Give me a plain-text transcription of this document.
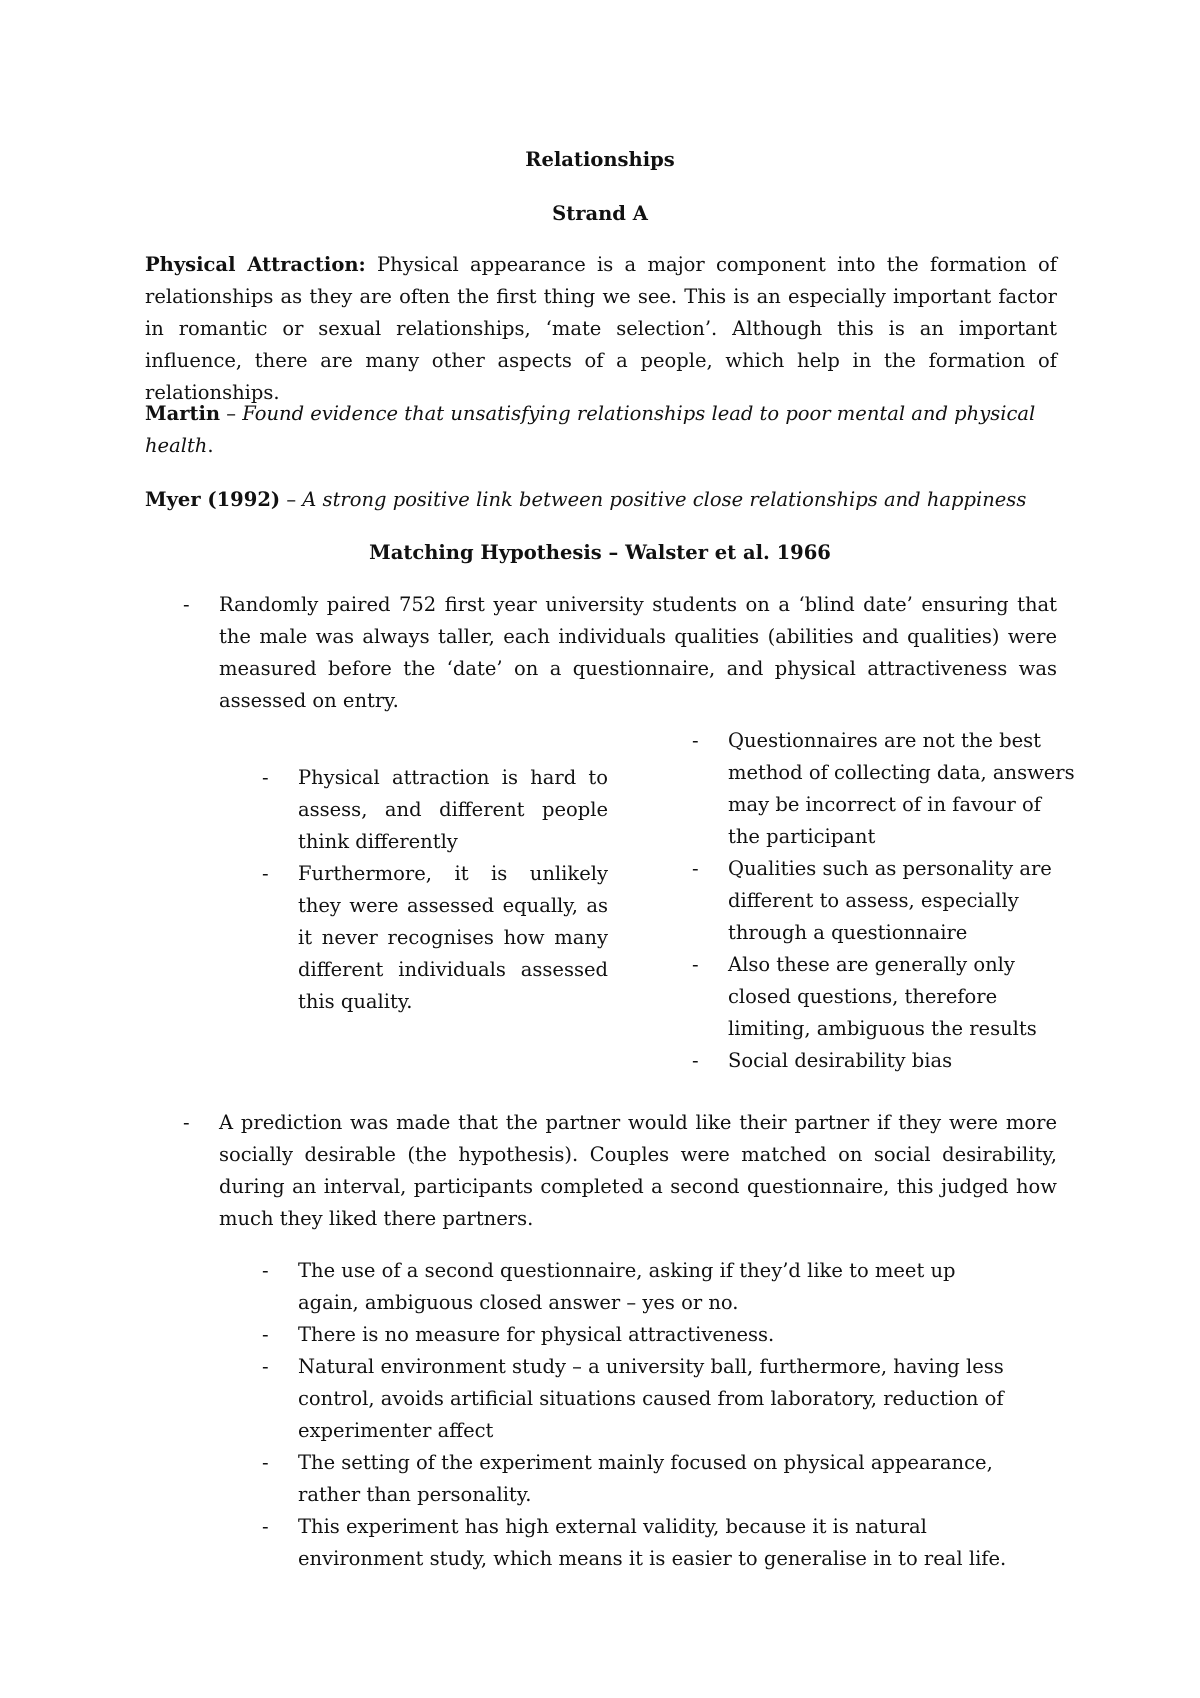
Relationships
Strand A
Physical Attraction: Physical appearance is a major component into the formation of relationships as they are often the first thing we see. This is an especially important factor in romantic or sexual relationships, ‘mate selection’. Although this is an important influence, there are many other aspects of a people, which help in the formation of relationships.
Martin – Found evidence that unsatisfying relationships lead to poor mental and physical health.
Myer (1992) – A strong positive link between positive close relationships and happiness
Matching Hypothesis – Walster et al. 1966
- Randomly paired 752 first year university students on a ‘blind date’ ensuring that the male was always taller, each individuals qualities (abilities and qualities) were measured before the ‘date’ on a questionnaire, and physical attractiveness was assessed on entry.
- Physical attraction is hard to assess, and different people think differently
- Furthermore, it is unlikely they were assessed equally, as it never recognises how many different individuals assessed this quality.
- Questionnaires are not the best method of collecting data, answers may be incorrect of in favour of the participant
- Qualities such as personality are different to assess, especially through a questionnaire
- Also these are generally only closed questions, therefore limiting, ambiguous the results
- Social desirability bias
- A prediction was made that the partner would like their partner if they were more socially desirable (the hypothesis). Couples were matched on social desirability, during an interval, participants completed a second questionnaire, this judged how much they liked there partners.
- The use of a second questionnaire, asking if they’d like to meet up again, ambiguous closed answer – yes or no.
- There is no measure for physical attractiveness.
- Natural environment study – a university ball, furthermore, having less control, avoids artificial situations caused from laboratory, reduction of experimenter affect
- The setting of the experiment mainly focused on physical appearance, rather than personality.
- This experiment has high external validity, because it is natural environment study, which means it is easier to generalise in to real life.
